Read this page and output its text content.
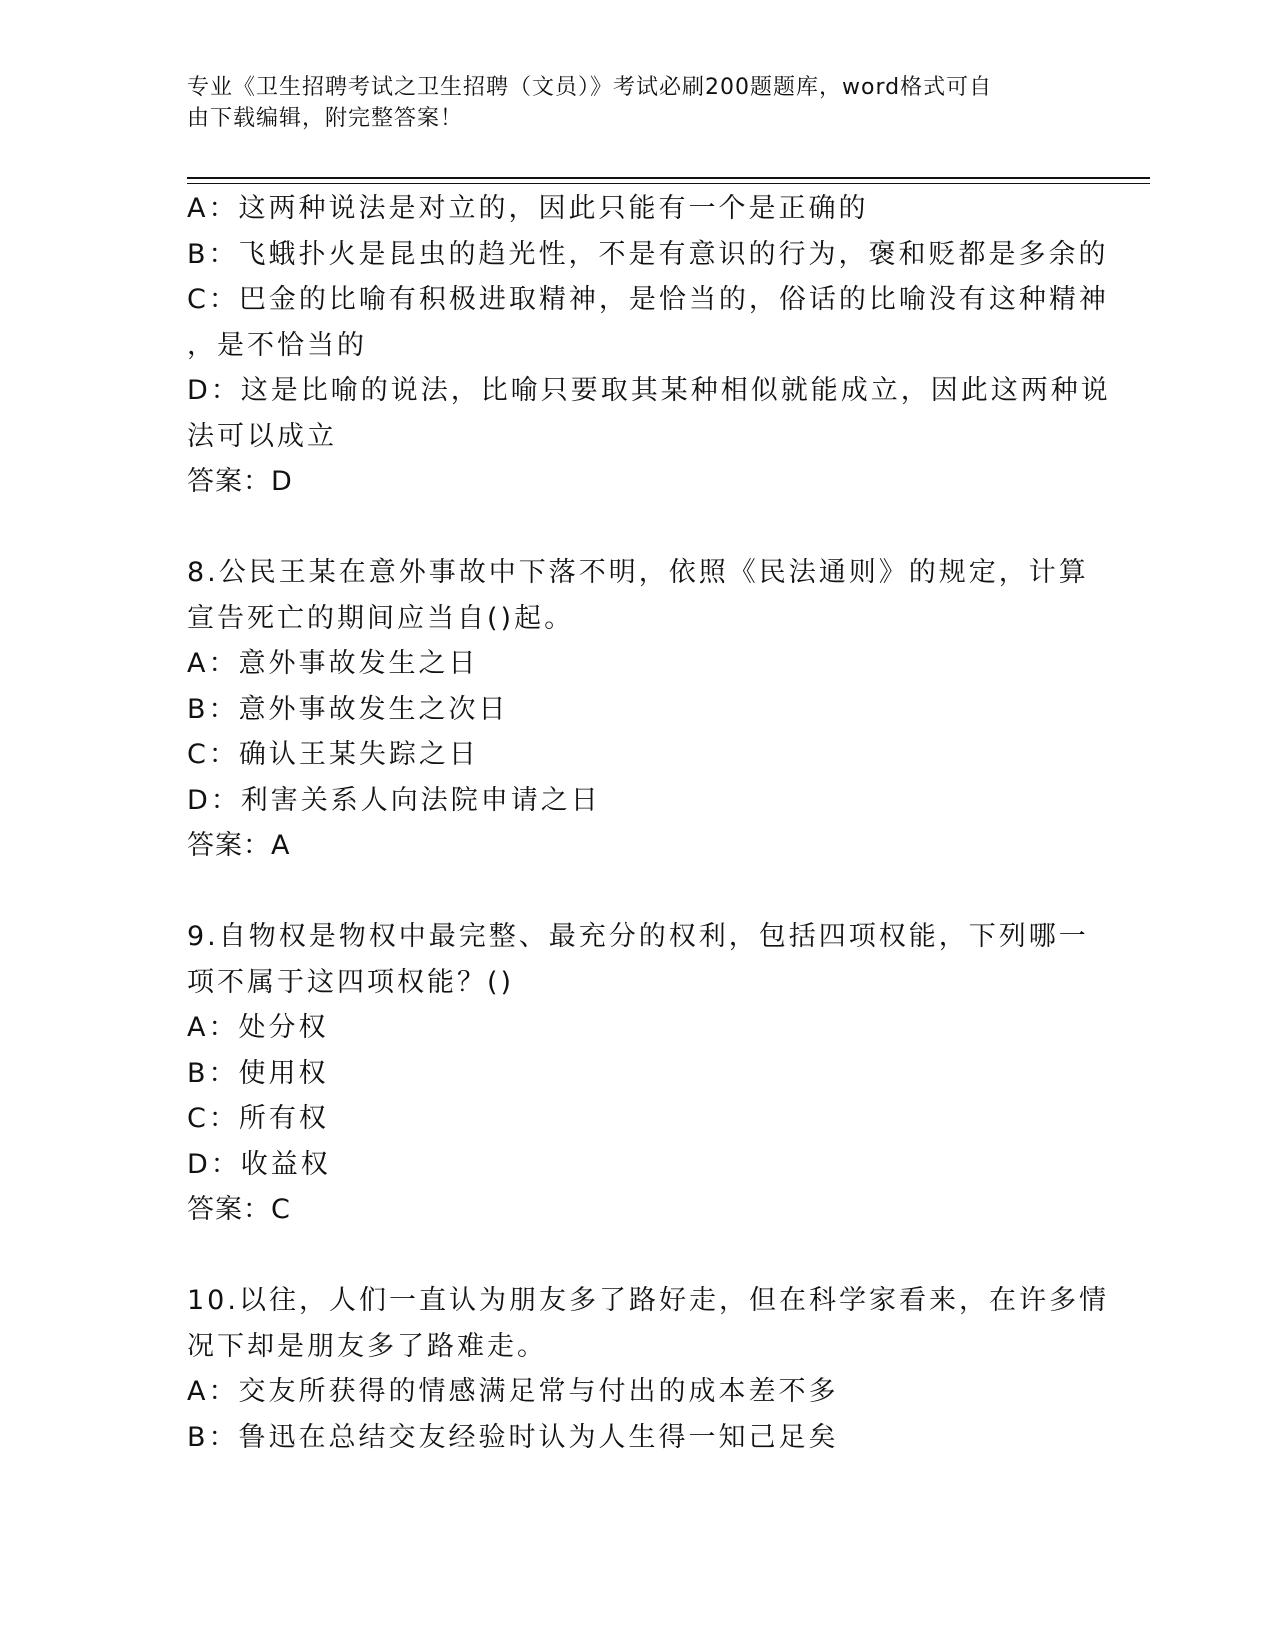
专业《卫生招聘考试之卫生招聘（文员）》考试必刷200题题库，word格式可自
由下载编辑，附完整答案！
A：这两种说法是对立的，因此只能有一个是正确的
B：飞蛾扑火是昆虫的趋光性，不是有意识的行为，褒和贬都是多余的
C：巴金的比喻有积极进取精神，是恰当的，俗话的比喻没有这种精神
，是不恰当的
D：这是比喻的说法，比喻只要取其某种相似就能成立，因此这两种说
法可以成立
答案：D
8.公民王某在意外事故中下落不明，依照《民法通则》的规定，计算
宣告死亡的期间应当自()起。
A：意外事故发生之日
B：意外事故发生之次日
C：确认王某失踪之日
D：利害关系人向法院申请之日
答案：A
9.自物权是物权中最完整、最充分的权利，包括四项权能，下列哪一
项不属于这四项权能？()
A：处分权
B：使用权
C：所有权
D：收益权
答案：C
10.以往，人们一直认为朋友多了路好走，但在科学家看来，在许多情
况下却是朋友多了路难走。
A：交友所获得的情感满足常与付出的成本差不多
B：鲁迅在总结交友经验时认为人生得一知己足矣
